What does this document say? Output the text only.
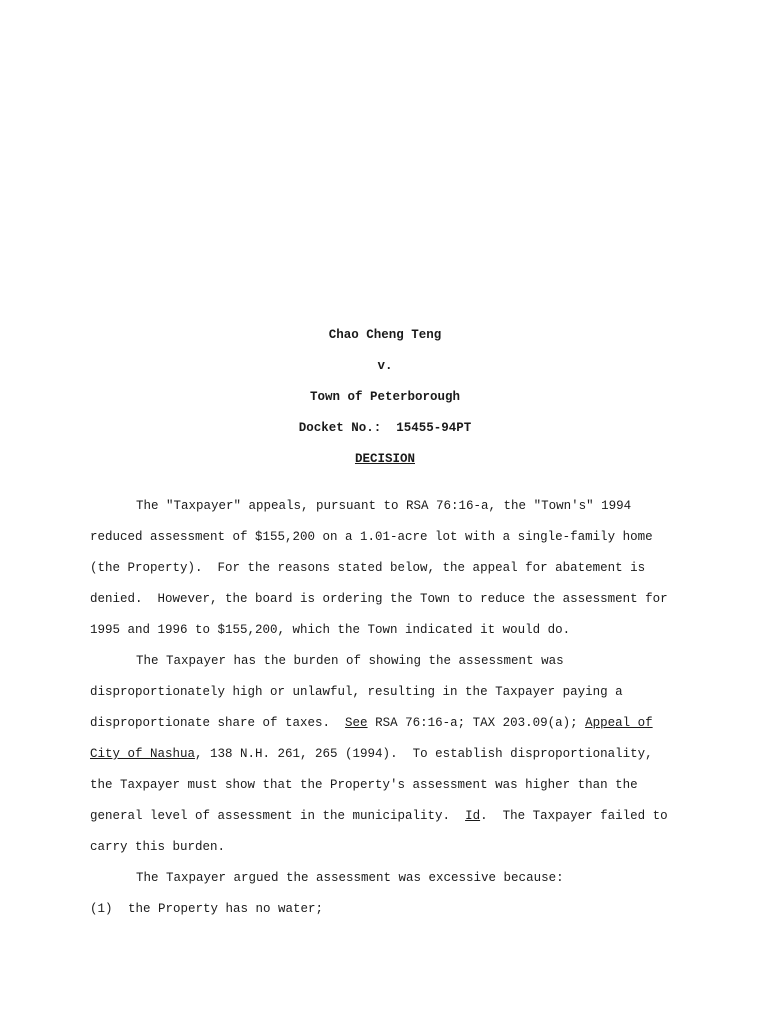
Chao Cheng Teng
v.
Town of Peterborough
Docket No.:  15455-94PT
DECISION
The "Taxpayer" appeals, pursuant to RSA 76:16-a, the "Town's" 1994
reduced assessment of $155,200 on a 1.01-acre lot with a single-family home
(the Property).  For the reasons stated below, the appeal for abatement is
denied.  However, the board is ordering the Town to reduce the assessment for
1995 and 1996 to $155,200, which the Town indicated it would do.
The Taxpayer has the burden of showing the assessment was
disproportionately high or unlawful, resulting in the Taxpayer paying a
disproportionate share of taxes.  See RSA 76:16-a; TAX 203.09(a); Appeal of
City of Nashua, 138 N.H. 261, 265 (1994).  To establish disproportionality,
the Taxpayer must show that the Property's assessment was higher than the
general level of assessment in the municipality.  Id.  The Taxpayer failed to
carry this burden.
The Taxpayer argued the assessment was excessive because:
(1) the Property has no water;
